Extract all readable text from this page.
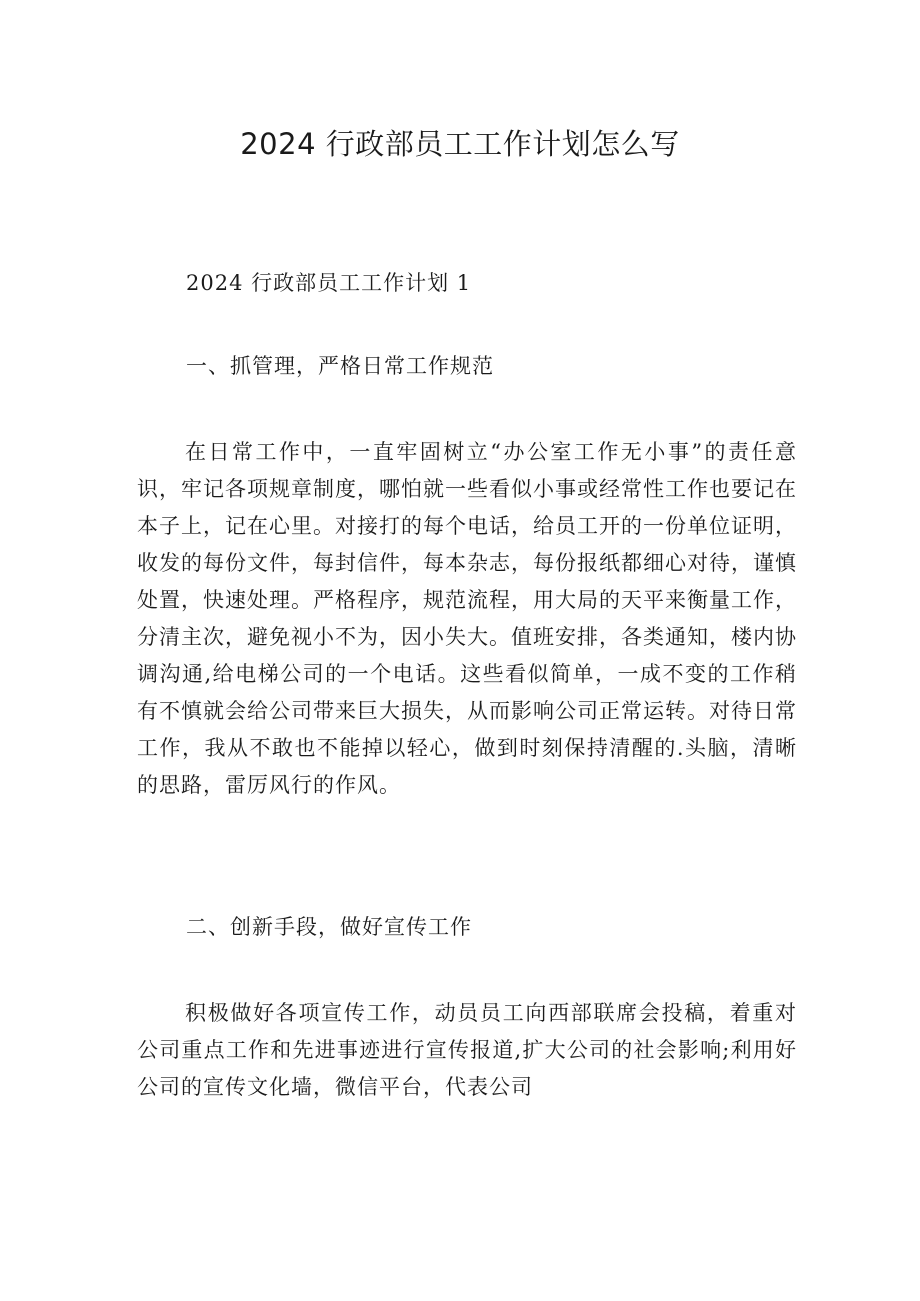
2024 行政部员工工作计划怎么写
2024 行政部员工工作计划 1
一、抓管理，严格日常工作规范

在日常工作中，一直牢固树立“办公室工作无小事”的责任意识，牢记各项规章制度，哪怕就一些看似小事或经常性工作也要记在本子上，记在心里。对接打的每个电话，给员工开的一份单位证明，收发的每份文件，每封信件，每本杂志，每份报纸都细心对待，谨慎处置，快速处理。严格程序，规范流程，用大局的天平来衡量工作，分清主次，避免视小不为，因小失大。值班安排，各类通知，楼内协调沟通,给电梯公司的一个电话。这些看似简单，一成不变的工作稍有不慎就会给公司带来巨大损失，从而影响公司正常运转。对待日常工作，我从不敢也不能掉以轻心，做到时刻保持清醒的.头脑，清晰的思路，雷厉风行的作风。

二、创新手段，做好宣传工作

积极做好各项宣传工作，动员员工向西部联席会投稿，着重对公司重点工作和先进事迹进行宣传报道,扩大公司的社会影响;利用好公司的宣传文化墙，微信平台，代表公司
